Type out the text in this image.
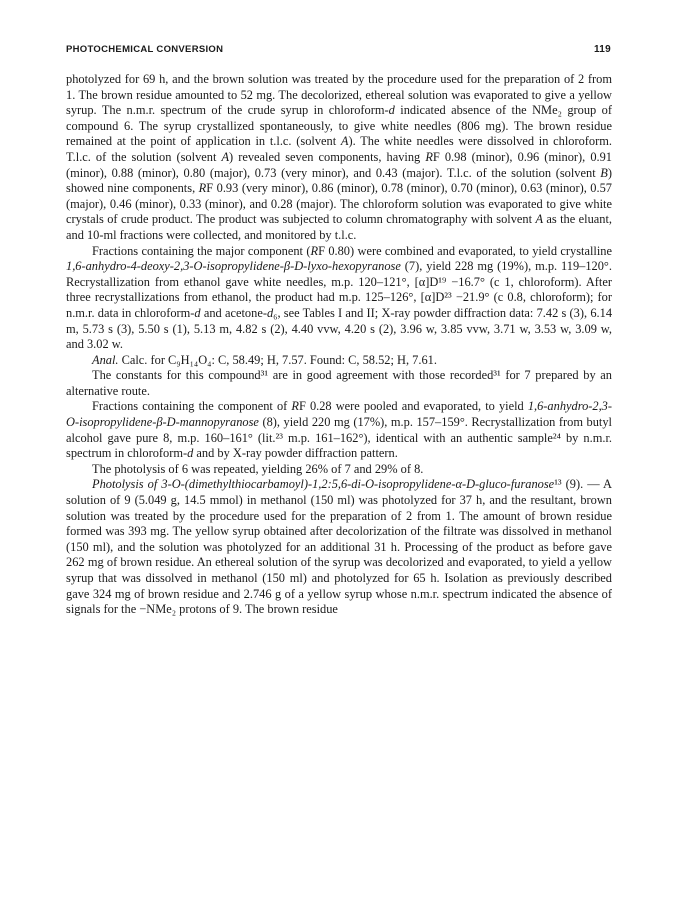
PHOTOCHEMICAL CONVERSION	119

photolyzed for 69 h, and the brown solution was treated by the procedure used for the preparation of 2 from 1. The brown residue amounted to 52 mg. The decolorized, ethereal solution was evaporated to give a yellow syrup. The n.m.r. spectrum of the crude syrup in chloroform-d indicated absence of the NMe₂ group of compound 6. The syrup crystallized spontaneously, to give white needles (806 mg). The brown residue remained at the point of application in t.l.c. (solvent A). The white needles were dissolved in chloroform. T.l.c. of the solution (solvent A) revealed seven components, having RF 0.98 (minor), 0.96 (minor), 0.91 (minor), 0.88 (minor), 0.80 (major), 0.73 (very minor), and 0.43 (major). T.l.c. of the solution (solvent B) showed nine components, RF 0.93 (very minor), 0.86 (minor), 0.78 (minor), 0.70 (minor), 0.63 (minor), 0.57 (major), 0.46 (minor), 0.33 (minor), and 0.28 (major). The chloroform solution was evaporated to give white crystals of crude product. The product was subjected to column chromatography with solvent A as the eluant, and 10-ml fractions were collected, and monitored by t.l.c.

Fractions containing the major component (RF 0.80) were combined and evaporated, to yield crystalline 1,6-anhydro-4-deoxy-2,3-O-isopropylidene-β-D-lyxo-hexopyranose (7), yield 228 mg (19%), m.p. 119–120°. Recrystallization from ethanol gave white needles, m.p. 120–121°, [α]D¹⁹ −16.7° (c 1, chloroform). After three recrystallizations from ethanol, the product had m.p. 125–126°, [α]D²³ −21.9° (c 0.8, chloroform); for n.m.r. data in chloroform-d and acetone-d₆, see Tables I and II; X-ray powder diffraction data: 7.42 s (3), 6.14 m, 5.73 s (3), 5.50 s (1), 5.13 m, 4.82 s (2), 4.40 vvw, 4.20 s (2), 3.96 w, 3.85 vvw, 3.71 w, 3.53 w, 3.09 w, and 3.02 w.

Anal. Calc. for C₉H₁₄O₄: C, 58.49; H, 7.57. Found: C, 58.52; H, 7.61.

The constants for this compound³¹ are in good agreement with those recorded³¹ for 7 prepared by an alternative route.

Fractions containing the component of RF 0.28 were pooled and evaporated, to yield 1,6-anhydro-2,3-O-isopropylidene-β-D-mannopyranose (8), yield 220 mg (17%), m.p. 157–159°. Recrystallization from butyl alcohol gave pure 8, m.p. 160–161° (lit.²³ m.p. 161–162°), identical with an authentic sample²⁴ by n.m.r. spectrum in chloroform-d and by X-ray powder diffraction pattern.

The photolysis of 6 was repeated, yielding 26% of 7 and 29% of 8.

Photolysis of 3-O-(dimethylthiocarbamoyl)-1,2:5,6-di-O-isopropylidene-α-D-gluco-furanose¹³ (9). — A solution of 9 (5.049 g, 14.5 mmol) in methanol (150 ml) was photolyzed for 37 h, and the resultant, brown solution was treated by the procedure used for the preparation of 2 from 1. The amount of brown residue formed was 393 mg. The yellow syrup obtained after decolorization of the filtrate was dissolved in methanol (150 ml), and the solution was photolyzed for an additional 31 h. Processing of the product as before gave 262 mg of brown residue. An ethereal solution of the syrup was decolorized and evaporated, to yield a yellow syrup that was dissolved in methanol (150 ml) and photolyzed for 65 h. Isolation as previously described gave 324 mg of brown residue and 2.746 g of a yellow syrup whose n.m.r. spectrum indicated the absence of signals for the −NMe₂ protons of 9. The brown residue
